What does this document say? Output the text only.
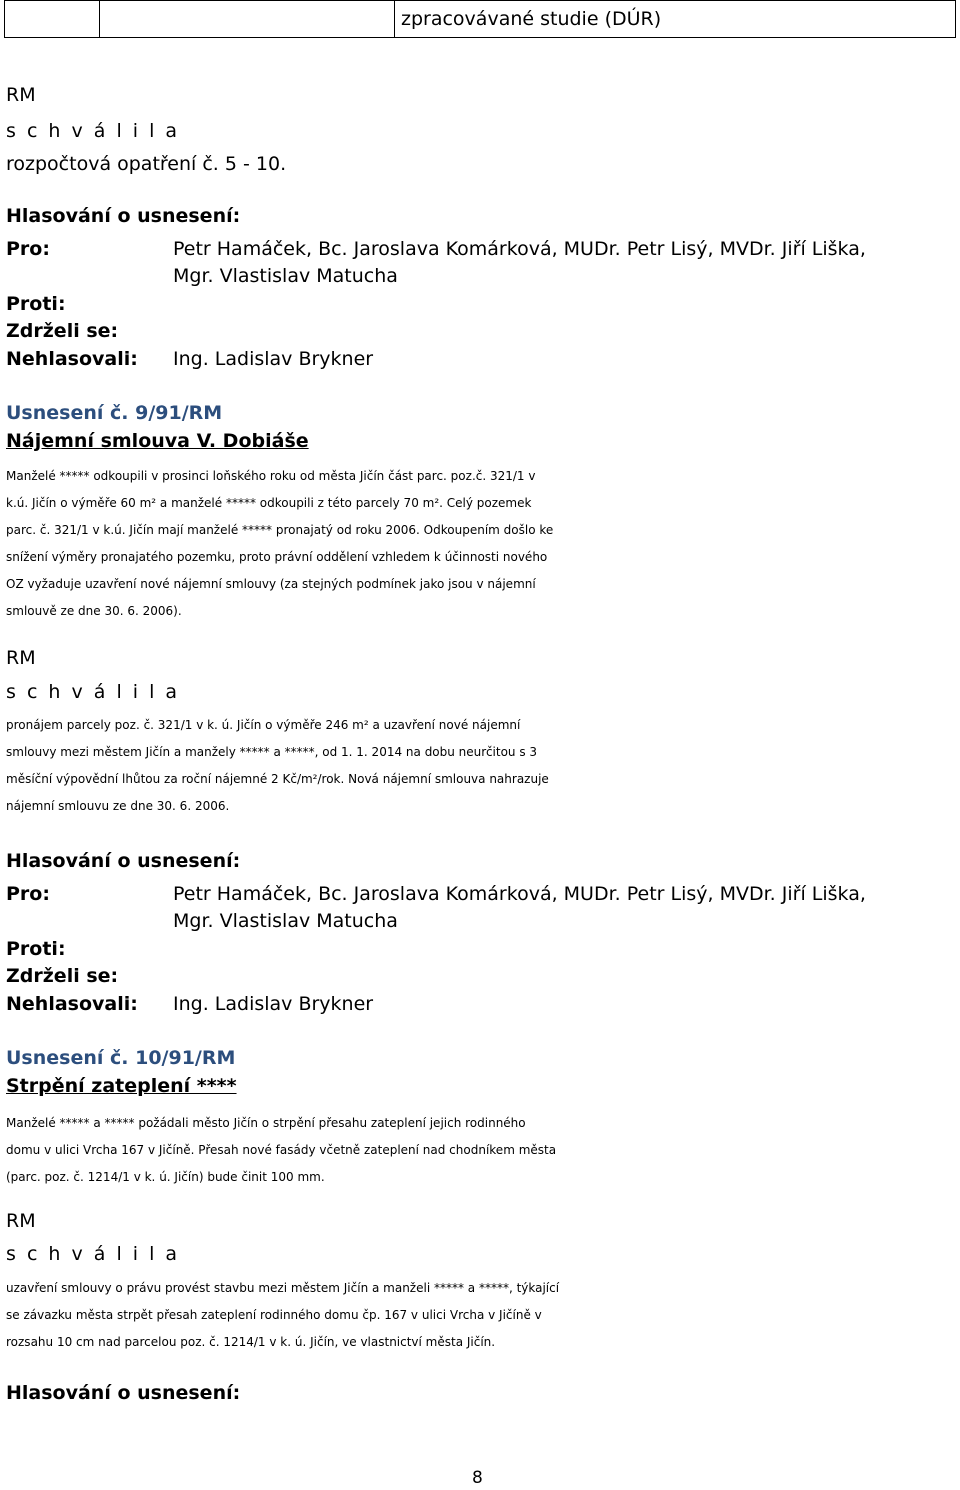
		zpracovávané studie (DÚR)
RM
s c h v á l i l a
rozpočtová opatření č. 5 - 10.
Hlasování o usnesení:
Pro:	Petr Hamáček, Bc. Jaroslava Komárková, MUDr. Petr Lisý, MVDr. Jiří Liška,
Mgr. Vlastislav Matucha
Proti:
Zdrželi se:
Nehlasovali: Ing. Ladislav Brykner
Usnesení č. 9/91/RM
Nájemní smlouva V. Dobiáše

Manželé ***** odkoupili v prosinci loňského roku od města Jičín část parc. poz.č. 321/1 v

k.ú. Jičín o výměře 60 m² a manželé ***** odkoupili z této parcely 70 m². Celý pozemek

parc. č. 321/1 v k.ú. Jičín mají manželé ***** pronajatý od roku 2006. Odkoupením došlo ke

snížení výměry pronajatého pozemku, proto právní oddělení vzhledem k účinnosti nového

OZ vyžaduje uzavření nové nájemní smlouvy (za stejných podmínek jako jsou v nájemní

smlouvě ze dne 30. 6. 2006).

RM
s c h v á l i l a

pronájem parcely poz. č. 321/1 v k. ú. Jičín o výměře 246 m² a uzavření nové nájemní

smlouvy mezi městem Jičín a manžely ***** a *****, od 1. 1. 2014 na dobu neurčitou s 3

měsíční výpovědní lhůtou za roční nájemné 2 Kč/m²/rok. Nová nájemní smlouva nahrazuje

nájemní smlouvu ze dne 30. 6. 2006.

Hlasování o usnesení:
Pro:	Petr Hamáček, Bc. Jaroslava Komárková, MUDr. Petr Lisý, MVDr. Jiří Liška,
Mgr. Vlastislav Matucha
Proti:
Zdrželi se:
Nehlasovali: Ing. Ladislav Brykner
Usnesení č. 10/91/RM
Strpění zateplení ****

Manželé ***** a ***** požádali město Jičín o strpění přesahu zateplení jejich rodinného

domu v ulici Vrcha 167 v Jičíně. Přesah nové fasády včetně zateplení nad chodníkem města

(parc. poz. č. 1214/1 v k. ú. Jičín) bude činit 100 mm.

RM
s c h v á l i l a

uzavření smlouvy o právu provést stavbu mezi městem Jičín a manželi ***** a *****, týkající

se závazku města strpět přesah zateplení rodinného domu čp. 167 v ulici Vrcha v Jičíně v

rozsahu 10 cm nad parcelou poz. č. 1214/1 v k. ú. Jičín, ve vlastnictví města Jičín.

Hlasování o usnesení:
8
